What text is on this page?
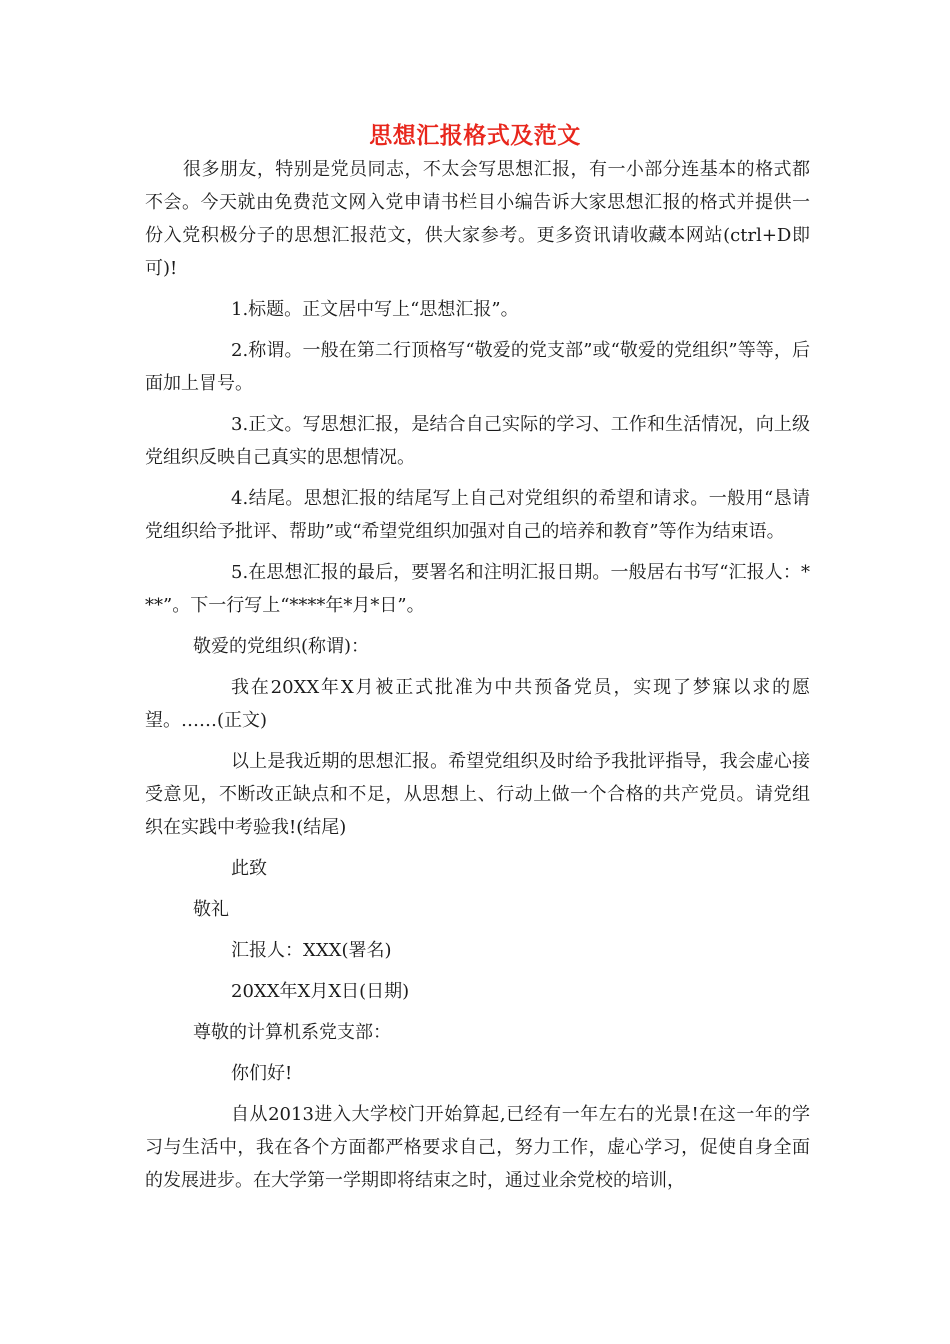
思想汇报格式及范文

很多朋友，特别是党员同志，不太会写思想汇报，有一小部分连基本的格式都不会。今天就由免费范文网入党申请书栏目小编告诉大家思想汇报的格式并提供一份入党积极分子的思想汇报范文，供大家参考。更多资讯请收藏本网站(ctrl+D即可)!

1.标题。正文居中写上“思想汇报”。

2.称谓。一般在第二行顶格写“敬爱的党支部”或“敬爱的党组织”等等，后面加上冒号。

3.正文。写思想汇报，是结合自己实际的学习、工作和生活情况，向上级党组织反映自己真实的思想情况。

4.结尾。思想汇报的结尾写上自己对党组织的希望和请求。一般用“恳请党组织给予批评、帮助”或“希望党组织加强对自己的培养和教育”等作为结束语。

5.在思想汇报的最后，要署名和注明汇报日期。一般居右书写“汇报人：***”。下一行写上“****年*月*日”。

敬爱的党组织(称谓)：

我在20XX年X月被正式批准为中共预备党员，实现了梦寐以求的愿望。……(正文)

以上是我近期的思想汇报。希望党组织及时给予我批评指导，我会虚心接受意见，不断改正缺点和不足，从思想上、行动上做一个合格的共产党员。请党组织在实践中考验我!(结尾)

此致

敬礼

汇报人：XXX(署名)

20XX年X月X日(日期)

尊敬的计算机系党支部：

你们好!

自从2013进入大学校门开始算起,已经有一年左右的光景!在这一年的学习与生活中，我在各个方面都严格要求自己，努力工作，虚心学习，促使自身全面的发展进步。在大学第一学期即将结束之时，通过业余党校的培训，
